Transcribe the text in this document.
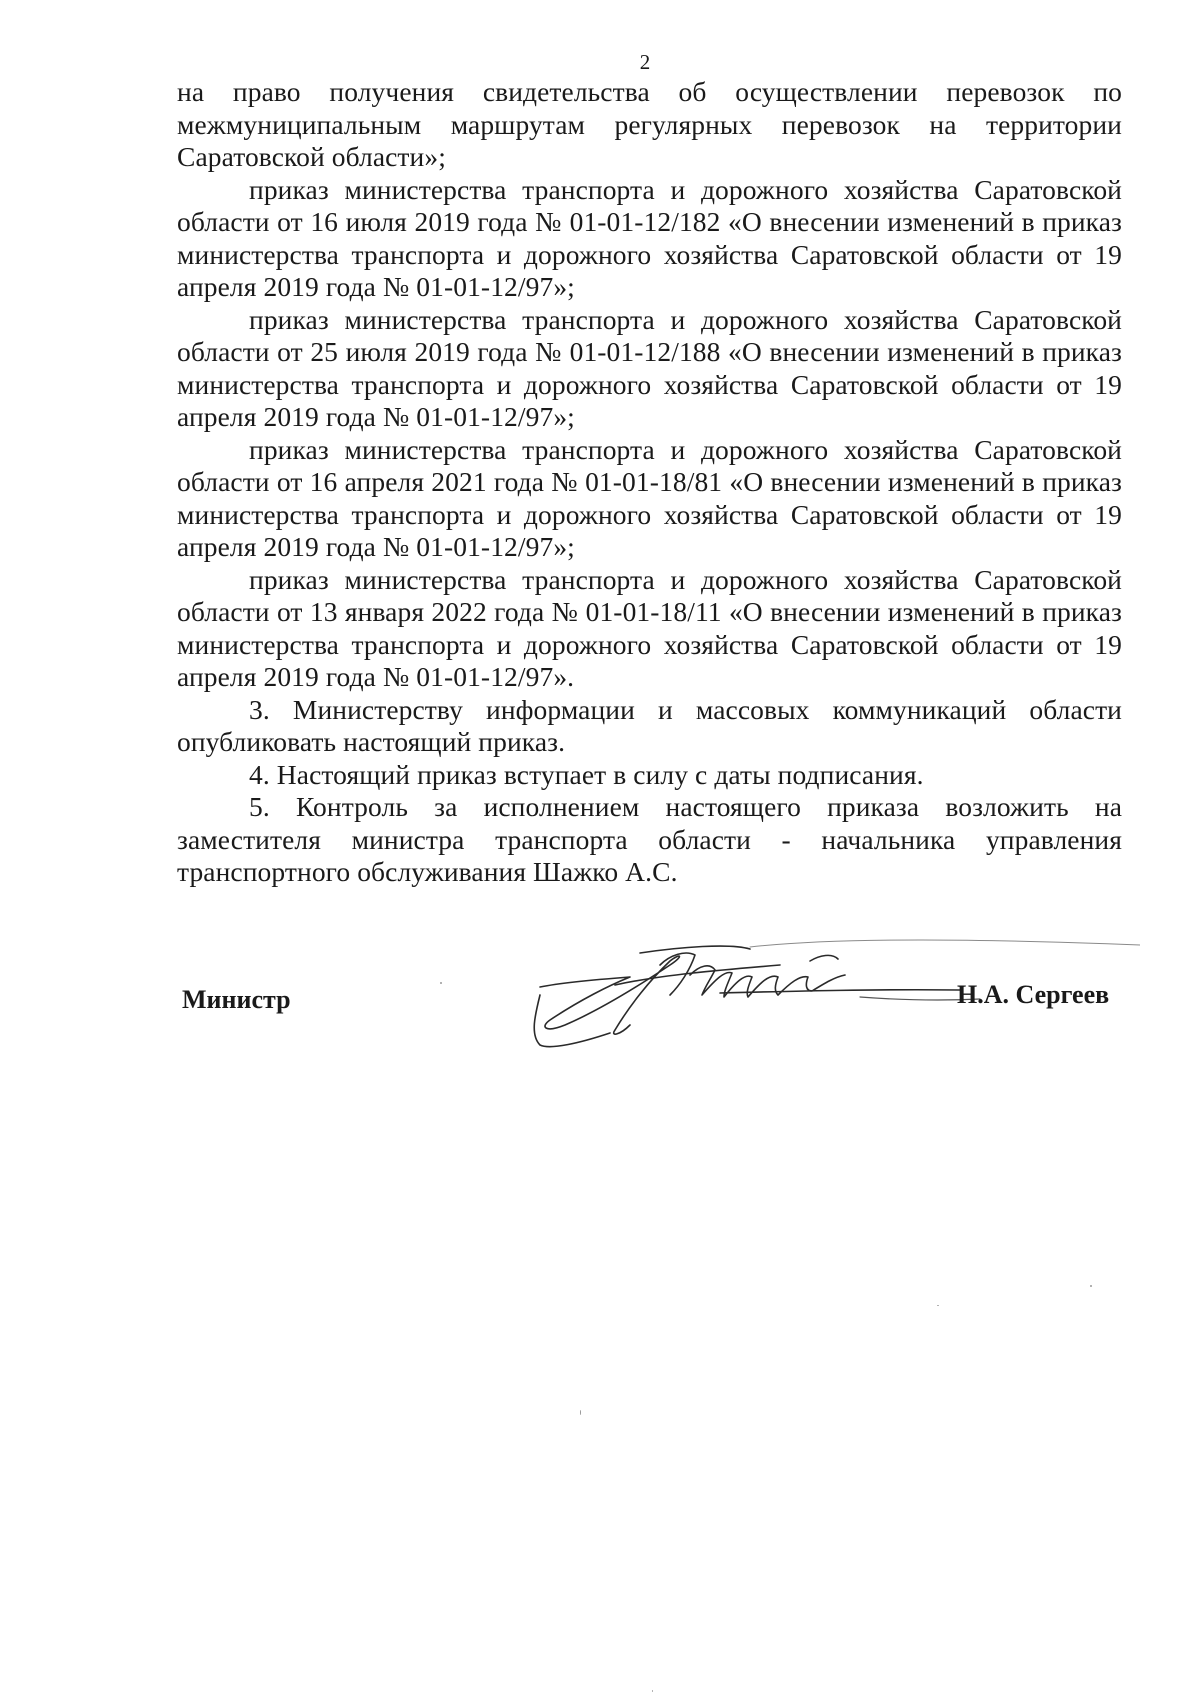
2

на право получения свидетельства об осуществлении перевозок по межмуниципальным маршрутам регулярных перевозок на территории Саратовской области»;

приказ министерства транспорта и дорожного хозяйства Саратовской области от 16 июля 2019 года № 01-01-12/182 «О внесении изменений в приказ министерства транспорта и дорожного хозяйства Саратовской области от 19 апреля 2019 года № 01-01-12/97»;

приказ министерства транспорта и дорожного хозяйства Саратовской области от 25 июля 2019 года № 01-01-12/188 «О внесении изменений в приказ министерства транспорта и дорожного хозяйства Саратовской области от 19 апреля 2019 года № 01-01-12/97»;

приказ министерства транспорта и дорожного хозяйства Саратовской области от 16 апреля 2021 года № 01-01-18/81 «О внесении изменений в приказ министерства транспорта и дорожного хозяйства Саратовской области от 19 апреля 2019 года № 01-01-12/97»;

приказ министерства транспорта и дорожного хозяйства Саратовской области от 13 января 2022 года № 01-01-18/11 «О внесении изменений в приказ министерства транспорта и дорожного хозяйства Саратовской области от 19 апреля 2019 года № 01-01-12/97».

3. Министерству информации и массовых коммуникаций области опубликовать настоящий приказ.

4. Настоящий приказ вступает в силу с даты подписания.

5. Контроль за исполнением настоящего приказа возложить на заместителя министра транспорта области - начальника управления транспортного обслуживания Шажко А.С.

Министр	Н.А. Сергеев
